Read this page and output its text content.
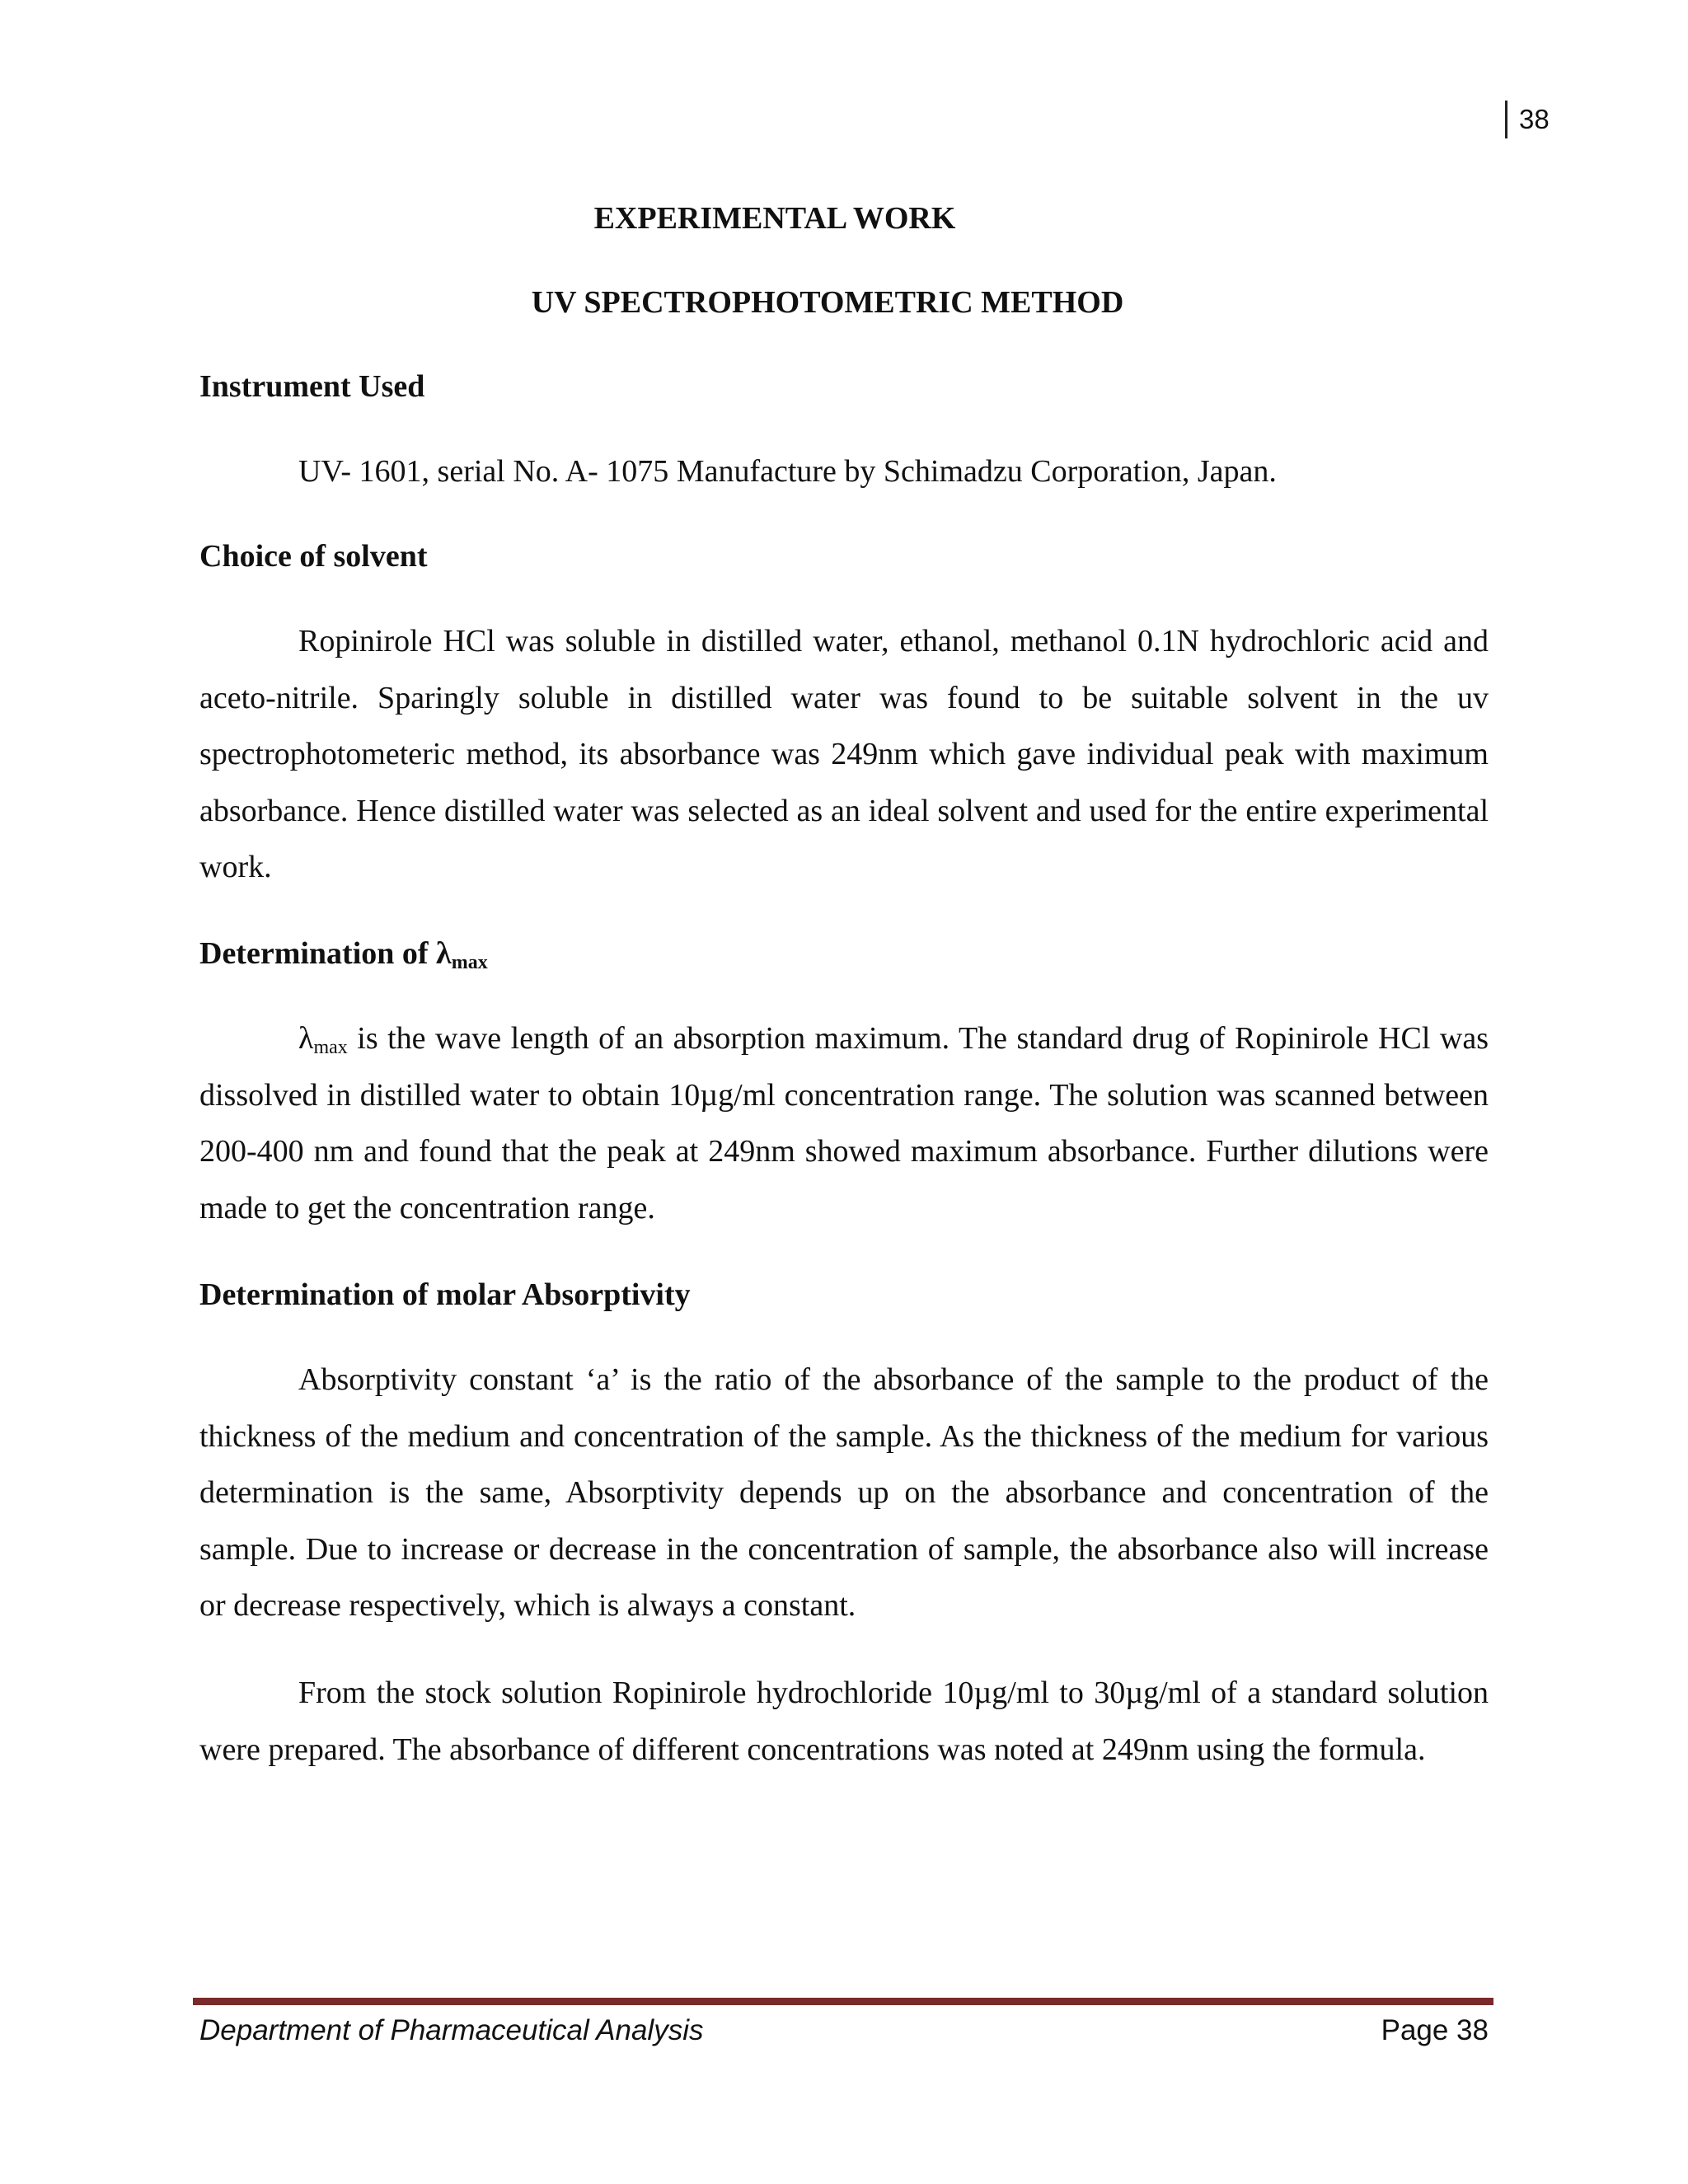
38
EXPERIMENTAL WORK
UV SPECTROPHOTOMETRIC METHOD
Instrument Used

UV- 1601, serial No. A- 1075 Manufacture by Schimadzu Corporation, Japan.

Choice of solvent

Ropinirole HCl was soluble in distilled water, ethanol, methanol 0.1N hydrochloric acid and aceto-nitrile. Sparingly soluble in distilled water was found to be suitable solvent in the uv spectrophotometeric method, its absorbance was 249nm which gave individual peak with maximum absorbance. Hence distilled water was selected as an ideal solvent and used for the entire experimental work.

Determination of $\lambda_{max}$

$\lambda_{max}$ is the wave length of an absorption maximum. The standard drug of Ropinirole HCl was dissolved in distilled water to obtain 10µg/ml concentration range. The solution was scanned between 200-400 nm and found that the peak at 249nm showed maximum absorbance. Further dilutions were made to get the concentration range.

Determination of molar Absorptivity

Absorptivity constant ‘a’ is the ratio of the absorbance of the sample to the product of the thickness of the medium and concentration of the sample. As the thickness of the medium for various determination is the same, Absorptivity depends up on the absorbance and concentration of the sample. Due to increase or decrease in the concentration of sample, the absorbance also will increase or decrease respectively, which is always a constant.

From the stock solution Ropinirole hydrochloride 10µg/ml to 30µg/ml of a standard solution were prepared. The absorbance of different concentrations was noted at 249nm using the formula.

Department of Pharmaceutical Analysis	Page 38
